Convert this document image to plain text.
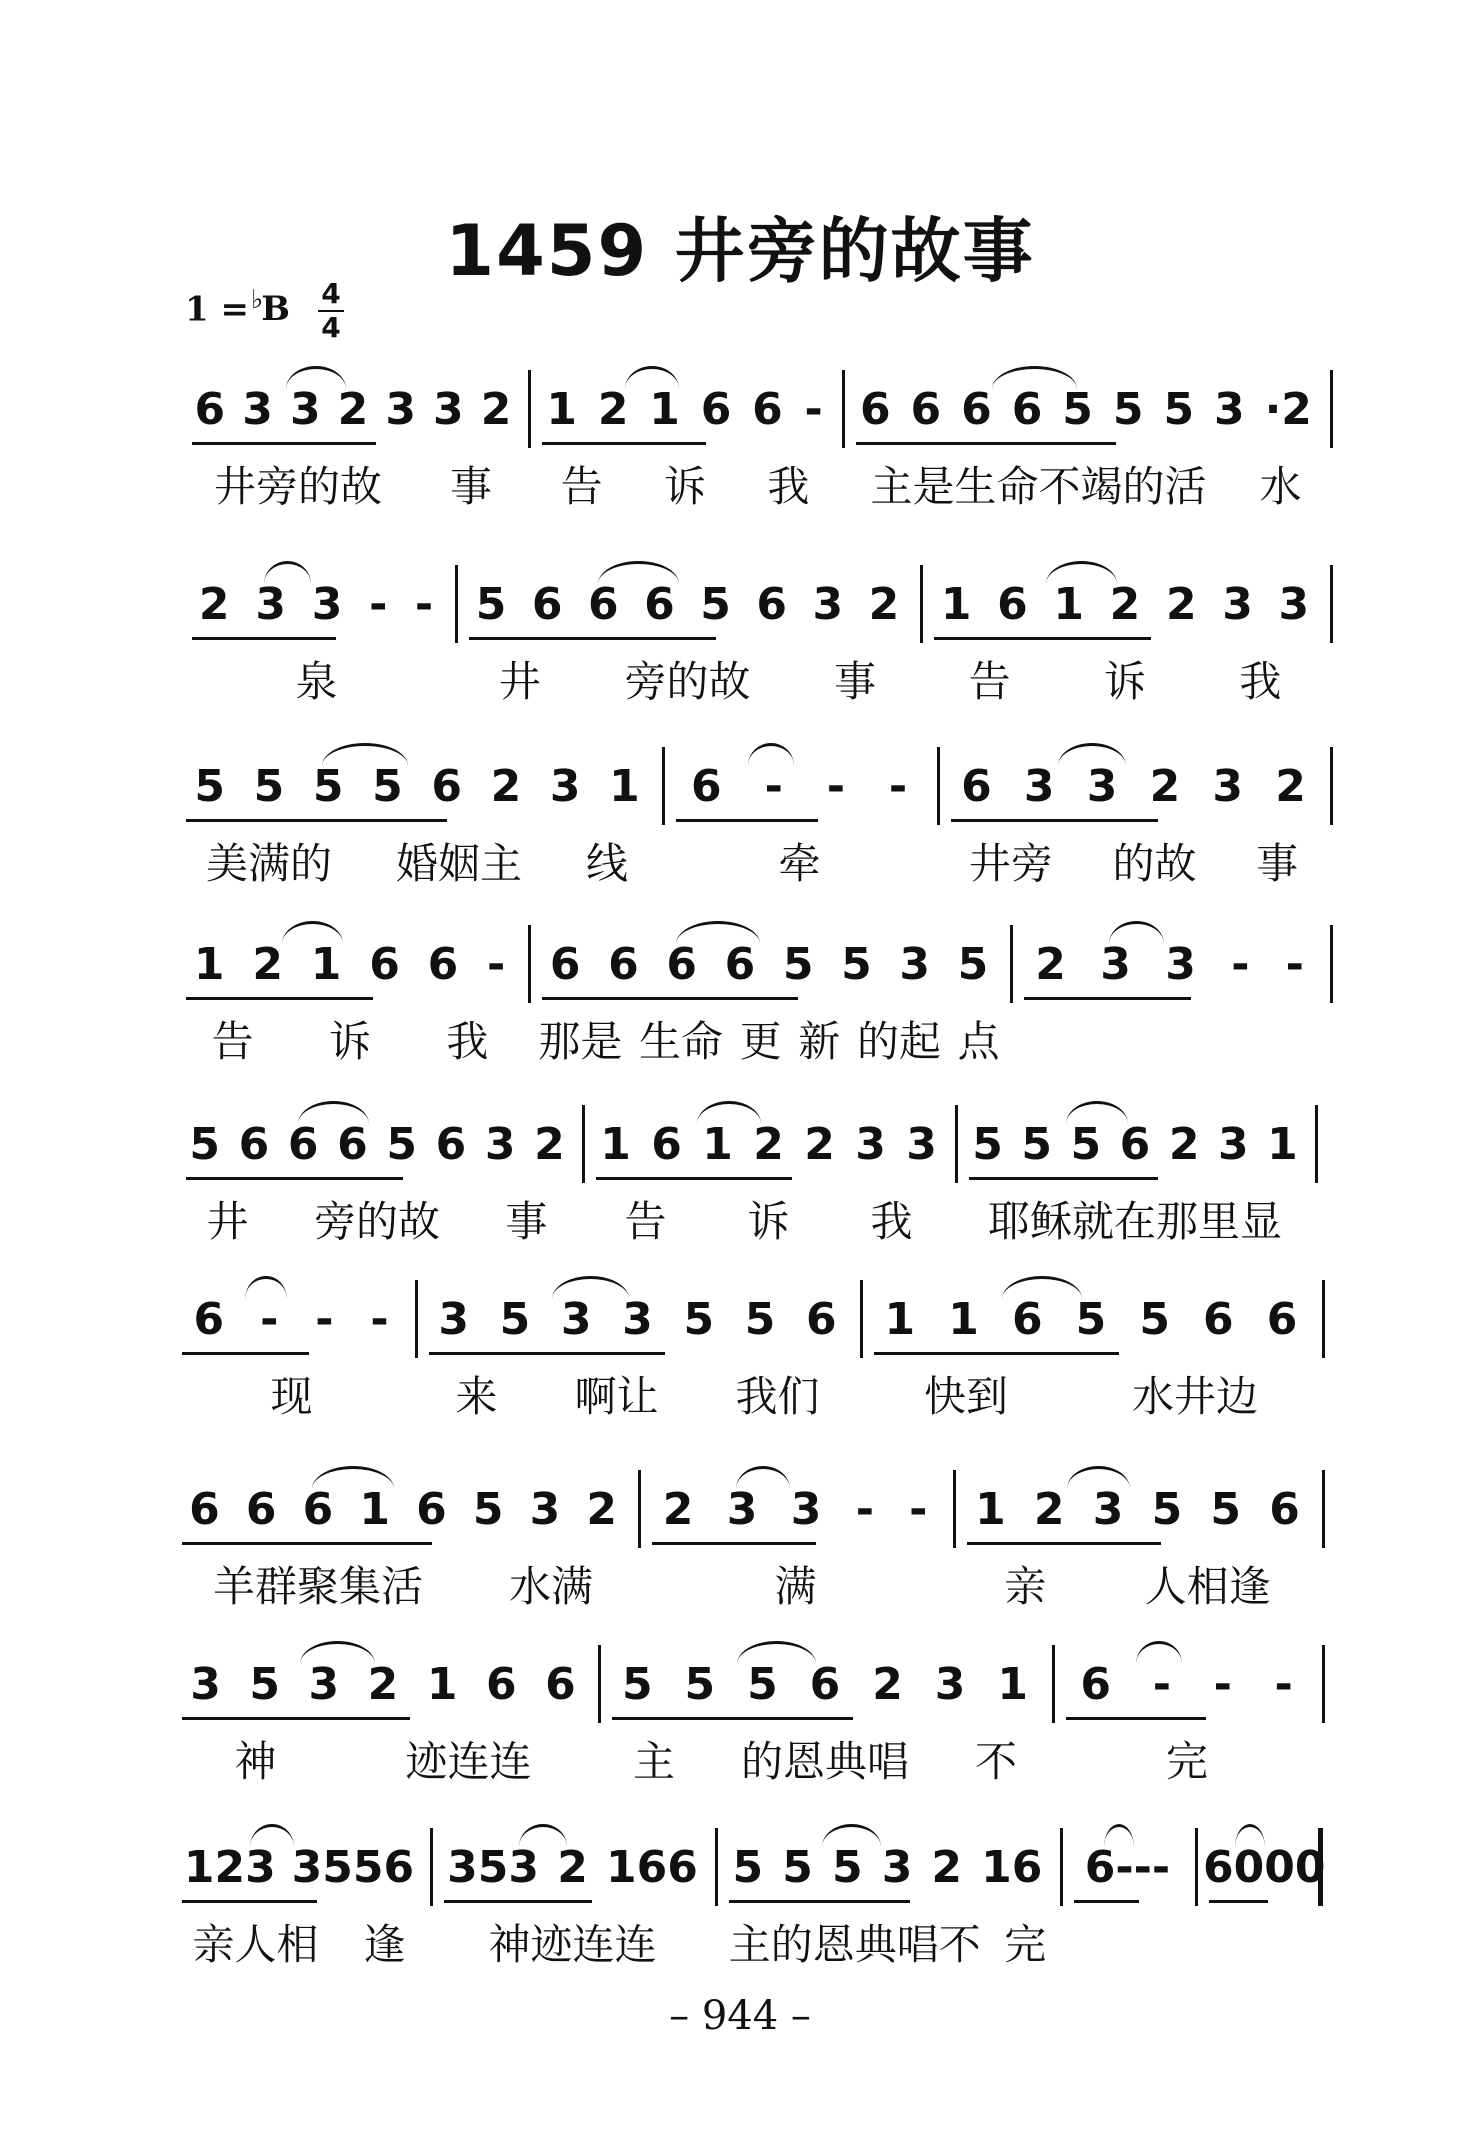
1459 井旁的故事
1 =♭B 4
4
6 3 3 2 3 3 2
井旁的故 事
1 2 1 6 6 -
告 诉 我
6 6 6 6 5 5 5 3 ·2
主是生命不竭的活 水
2 3 3 - -
泉
5 6 6 6 5 6 3 2
井 旁的故 事
1 6 1 2 2 3 3
告 诉 我
5 5 5 5 6 2 3 1
美满的 婚姻主 线
6 - - -
牵
6 3 3 2 3 2
井旁 的故 事
1 2 1 6 6 -
告 诉 我
6 6 6 6 5 5 3 5
那是 生命 更 新 的起 点
2 3 3 - -
5 6 6 6 5 6 3 2
井 旁的故 事
1 6 1 2 2 3 3
告 诉 我
5 5 5 6 2 3 1
耶稣就在那里显
6 - - -
现
3 5 3 3 5 5 6
来 啊让 我们
1 1 6 5 5 6 6
快到	水井边
6 6 6 1 6 5 3 2
羊群聚集活 水满
2 3 3 - -
满
1 2 3 5 5 6
亲 人相逢
3 5 3 2 1 6 6
神	迹连连
5 5 5 6 2 3 1
主 的恩典唱 不
6 - - -
完
123 3556
亲人相 逢
353 2 166
神迹连连
5 5 5 3 2 16
主的恩典唱不 完
6--- 6000
– 944 –
